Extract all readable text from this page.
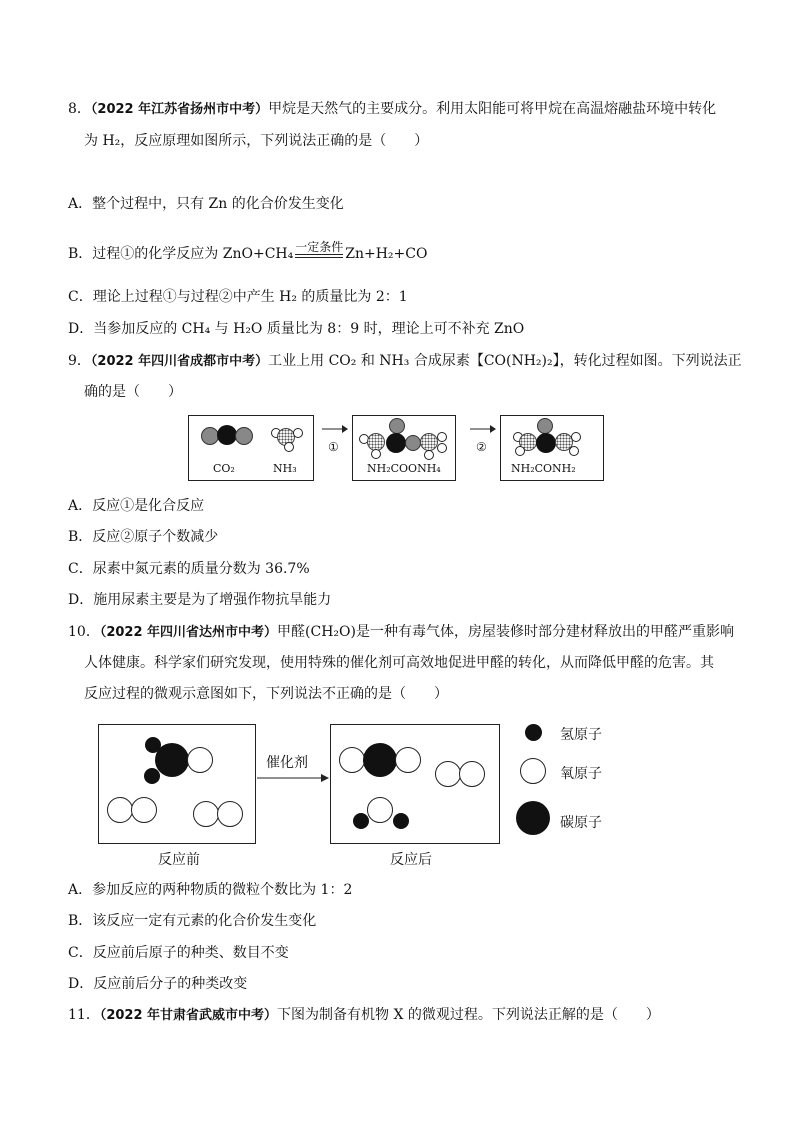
8．（2022 年江苏省扬州市中考）甲烷是天然气的主要成分。利用太阳能可将甲烷在高温熔融盐环境中转化
为 H₂，反应原理如图所示，下列说法正确的是（　　）
A．整个过程中，只有 Zn 的化合价发生变化
B．过程①的化学反应为 ZnO+CH₄ 一定条件 Zn+H₂+CO
C．理论上过程①与过程②中产生 H₂ 的质量比为 2：1
D．当参加反应的 CH₄ 与 H₂O 质量比为 8：9 时，理论上可不补充 ZnO
9．（2022 年四川省成都市中考）工业上用 CO₂ 和 NH₃ 合成尿素【CO(NH₂)₂】，转化过程如图。下列说法正
确的是（　　）
CO₂	NH₃
①
NH₂COONH₄
②
NH₂CONH₂
A．反应①是化合反应
B．反应②原子个数减少
C．尿素中氮元素的质量分数为 36.7%
D．施用尿素主要是为了增强作物抗旱能力
10．（2022 年四川省达州市中考）甲醛(CH₂O)是一种有毒气体，房屋装修时部分建材释放出的甲醛严重影响
人体健康。科学家们研究发现，使用特殊的催化剂可高效地促进甲醛的转化，从而降低甲醛的危害。其
反应过程的微观示意图如下，下列说法不正确的是（　　）
反应前
催化剂
反应后
氢原子
氧原子
碳原子
A．参加反应的两种物质的微粒个数比为 1：2
B．该反应一定有元素的化合价发生变化
C．反应前后原子的种类、数目不变
D．反应前后分子的种类改变
11．（2022 年甘肃省武威市中考）下图为制备有机物 X 的微观过程。下列说法正解的是（　　）
